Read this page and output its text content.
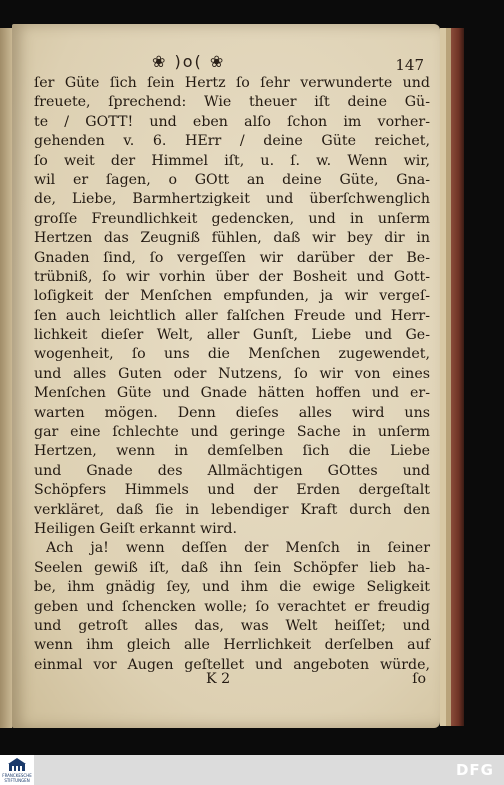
❀ )o( ❀	147
ſer Güte ſich ſein Hertz ſo ſehr verwunderte und
freuete, ſprechend: Wie theuer iſt deine Gü-
te / GOTT! und eben alſo ſchon im vorher-
gehenden v. 6. HErr / deine Güte reichet,
ſo weit der Himmel iſt, u. ſ. w. Wenn wir,
wil er ſagen, o GOtt an deine Güte, Gna-
de, Liebe, Barmhertzigkeit und überſchwenglich
groſſe Freundlichkeit gedencken, und in unſerm
Hertzen das Zeugniß fühlen, daß wir bey dir in
Gnaden ſind, ſo vergeſſen wir darüber der Be-
trübniß, ſo wir vorhin über der Bosheit und Gott-
loſigkeit der Menſchen empfunden, ja wir vergeſ-
ſen auch leichtlich aller falſchen Freude und Herr-
lichkeit dieſer Welt, aller Gunſt, Liebe und Ge-
wogenheit, ſo uns die Menſchen zugewendet,
und alles Guten oder Nutzens, ſo wir von eines
Menſchen Güte und Gnade hätten hoffen und er-
warten mögen. Denn dieſes alles wird uns
gar eine ſchlechte und geringe Sache in unſerm
Hertzen, wenn in demſelben ſich die Liebe
und Gnade des Allmächtigen GOttes und
Schöpfers Himmels und der Erden dergeſtalt
verkläret, daß ſie in lebendiger Kraft durch den
Heiligen Geiſt erkannt wird.
Ach ja! wenn deſſen der Menſch in ſeiner
Seelen gewiß iſt, daß ihn ſein Schöpfer lieb ha-
be, ihm gnädig ſey, und ihm die ewige Seligkeit
geben und ſchencken wolle; ſo verachtet er freudig
und getroſt alles das, was Welt heiſſet; und
wenn ihm gleich alle Herrlichkeit derſelben auf
einmal vor Augen geſtellet und angeboten würde,
K 2	ſo
FRANCKESCHE STIFTUNGEN
DFG
